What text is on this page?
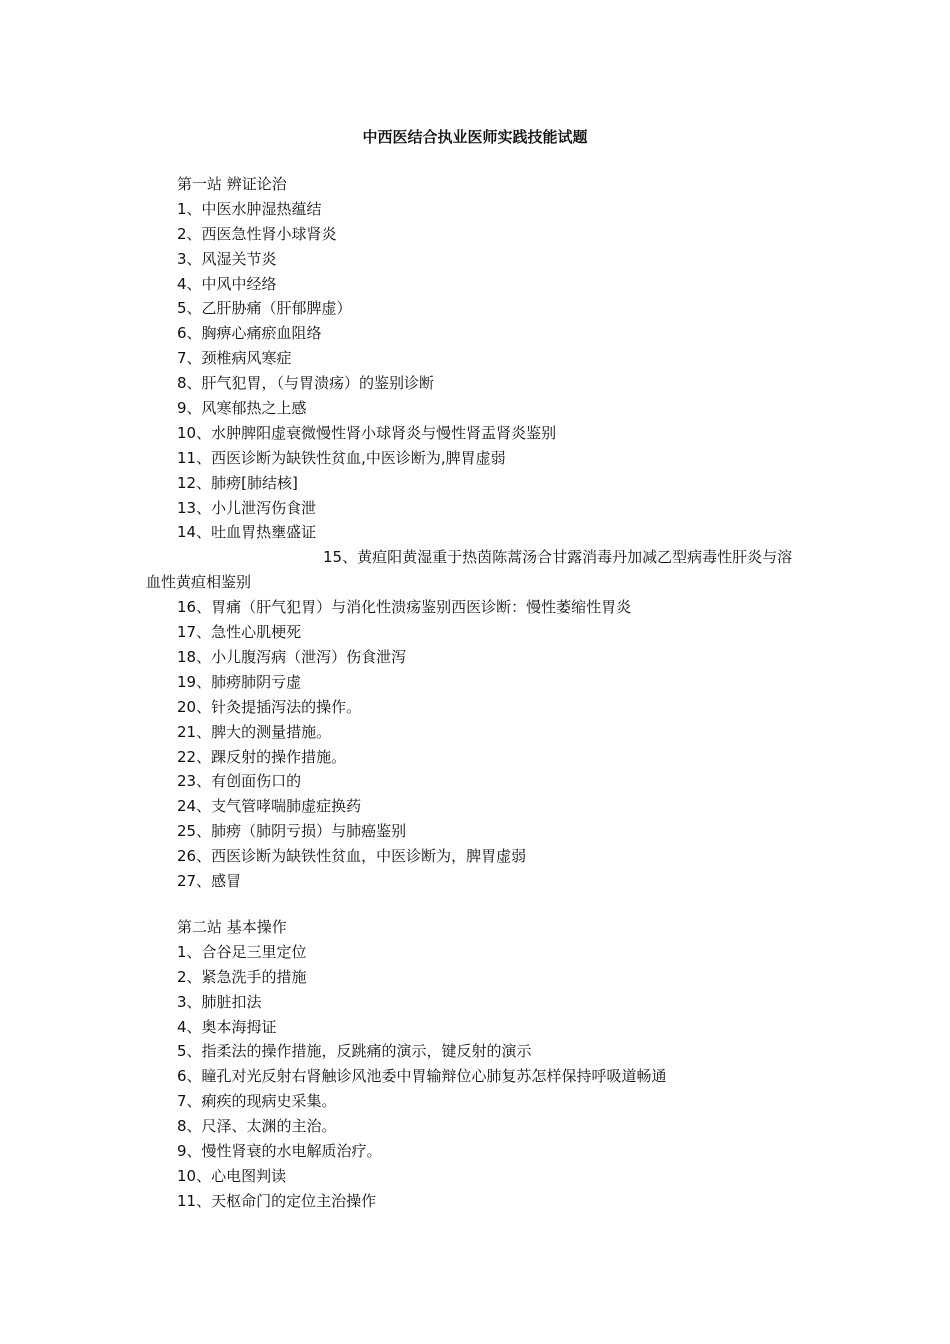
中西医结合执业医师实践技能试题
第一站 辨证论治
1、中医水肿湿热蕴结
2、西医急性肾小球肾炎
3、风湿关节炎
4、中风中经络
5、乙肝胁痛（肝郁脾虚）
6、胸痹心痛瘀血阻络
7、颈椎病风寒症
8、肝气犯胃，（与胃溃疡）的鉴别诊断
9、风寒郁热之上感
10、水肿脾阳虚衰微慢性肾小球肾炎与慢性肾盂肾炎鉴别
11、西医诊断为缺铁性贫血,中医诊断为,脾胃虚弱
12、肺痨[肺结核]
13、小儿泄泻伤食泄
14、吐血胃热壅盛证
15、黄疸阳黄湿重于热茵陈蒿汤合甘露消毒丹加减乙型病毒性肝炎与溶血性黄疸相鉴别
16、胃痛（肝气犯胃）与消化性溃疡鉴别西医诊断：慢性萎缩性胃炎
17、急性心肌梗死
18、小儿腹泻病（泄泻）伤食泄泻
19、肺痨肺阴亏虚
20、针灸提插泻法的操作。
21、脾大的测量措施。
22、踝反射的操作措施。
23、有创面伤口的
24、支气管哮喘肺虚症换药
25、肺痨（肺阴亏损）与肺癌鉴别
26、西医诊断为缺铁性贫血，中医诊断为，脾胃虚弱
27、感冒
第二站 基本操作
1、合谷足三里定位
2、紧急洗手的措施
3、肺脏扣法
4、奥本海拇证
5、指柔法的操作措施，反跳痛的演示，键反射的演示
6、瞳孔对光反射右肾触诊风池委中胃输辩位心肺复苏怎样保持呼吸道畅通
7、痢疾的现病史采集。
8、尺泽、太渊的主治。
9、慢性肾衰的水电解质治疗。
10、心电图判读
11、天枢命门的定位主治操作
